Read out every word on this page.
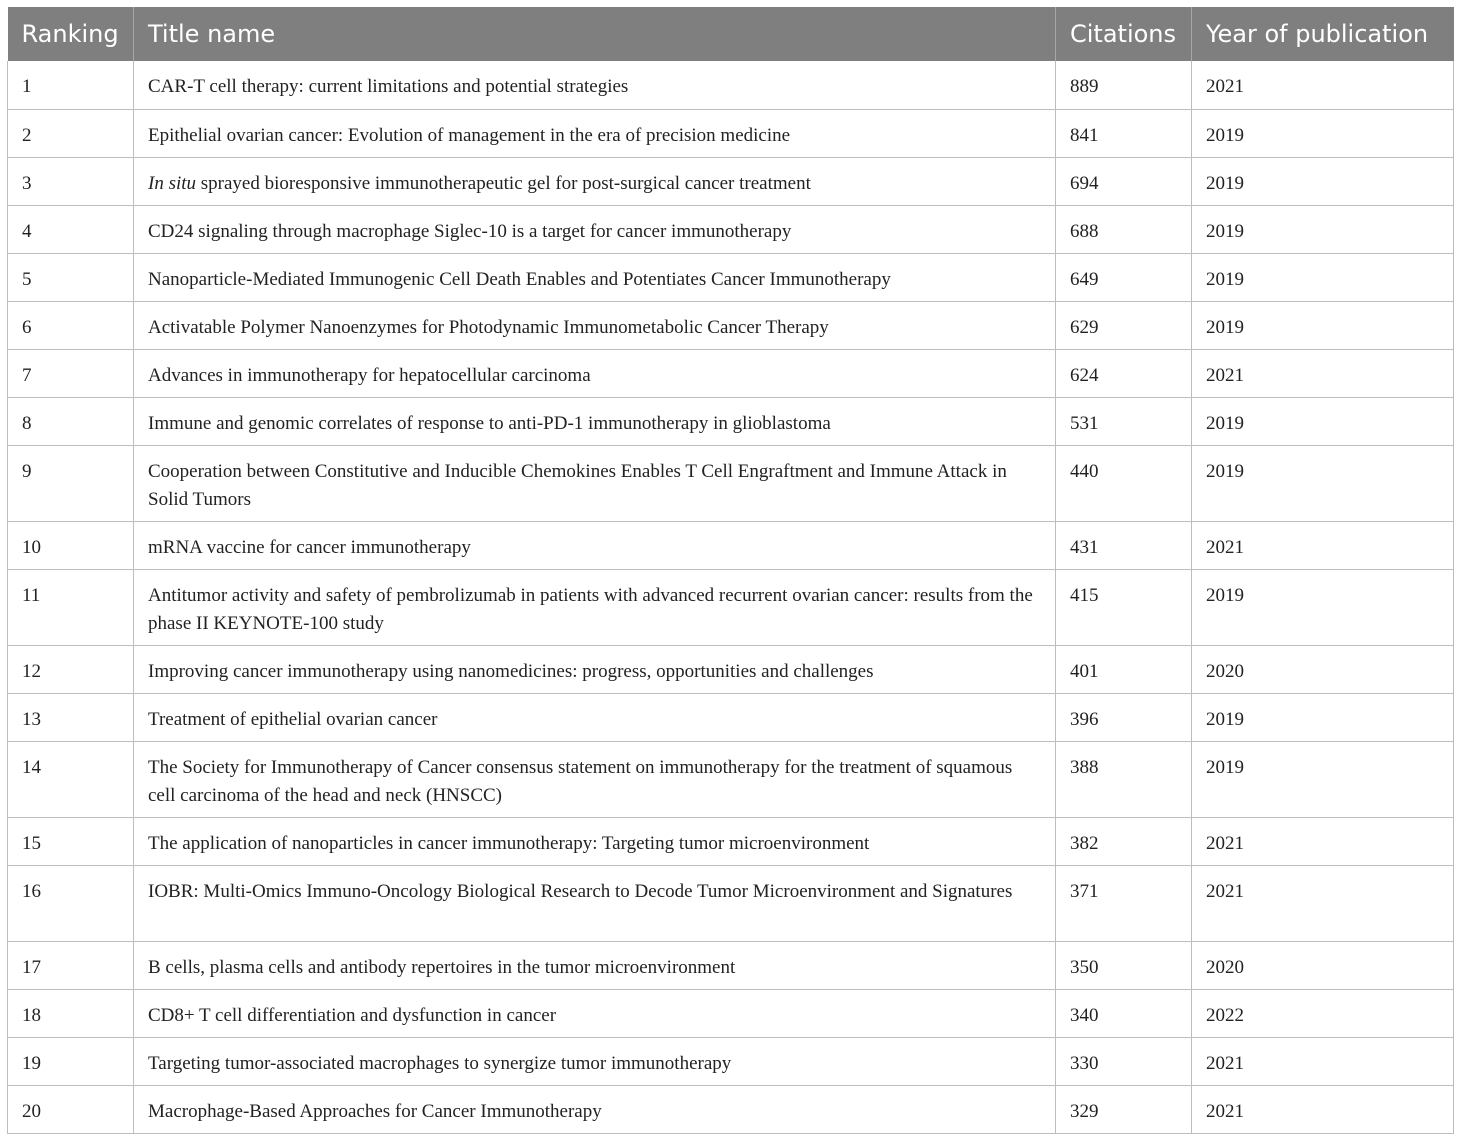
Ranking	Title name	Citations	Year of publication
1	CAR-T cell therapy: current limitations and potential strategies	889	2021
2	Epithelial ovarian cancer: Evolution of management in the era of precision medicine	841	2019
3	In situ sprayed bioresponsive immunotherapeutic gel for post-surgical cancer treatment	694	2019
4	CD24 signaling through macrophage Siglec-10 is a target for cancer immunotherapy	688	2019
5	Nanoparticle-Mediated Immunogenic Cell Death Enables and Potentiates Cancer Immunotherapy	649	2019
6	Activatable Polymer Nanoenzymes for Photodynamic Immunometabolic Cancer Therapy	629	2019
7	Advances in immunotherapy for hepatocellular carcinoma	624	2021
8	Immune and genomic correlates of response to anti-PD-1 immunotherapy in glioblastoma	531	2019
9	Cooperation between Constitutive and Inducible Chemokines Enables T Cell Engraftment and Immune Attack in Solid Tumors	440	2019
10	mRNA vaccine for cancer immunotherapy	431	2021
11	Antitumor activity and safety of pembrolizumab in patients with advanced recurrent ovarian cancer: results from the phase II KEYNOTE-100 study	415	2019
12	Improving cancer immunotherapy using nanomedicines: progress, opportunities and challenges	401	2020
13	Treatment of epithelial ovarian cancer	396	2019
14	The Society for Immunotherapy of Cancer consensus statement on immunotherapy for the treatment of squamous cell carcinoma of the head and neck (HNSCC)	388	2019
15	The application of nanoparticles in cancer immunotherapy: Targeting tumor microenvironment	382	2021
16	IOBR: Multi-Omics Immuno-Oncology Biological Research to Decode Tumor Microenvironment and Signatures	371	2021
17	B cells, plasma cells and antibody repertoires in the tumor microenvironment	350	2020
18	CD8+ T cell differentiation and dysfunction in cancer	340	2022
19	Targeting tumor-associated macrophages to synergize tumor immunotherapy	330	2021
20	Macrophage-Based Approaches for Cancer Immunotherapy	329	2021
